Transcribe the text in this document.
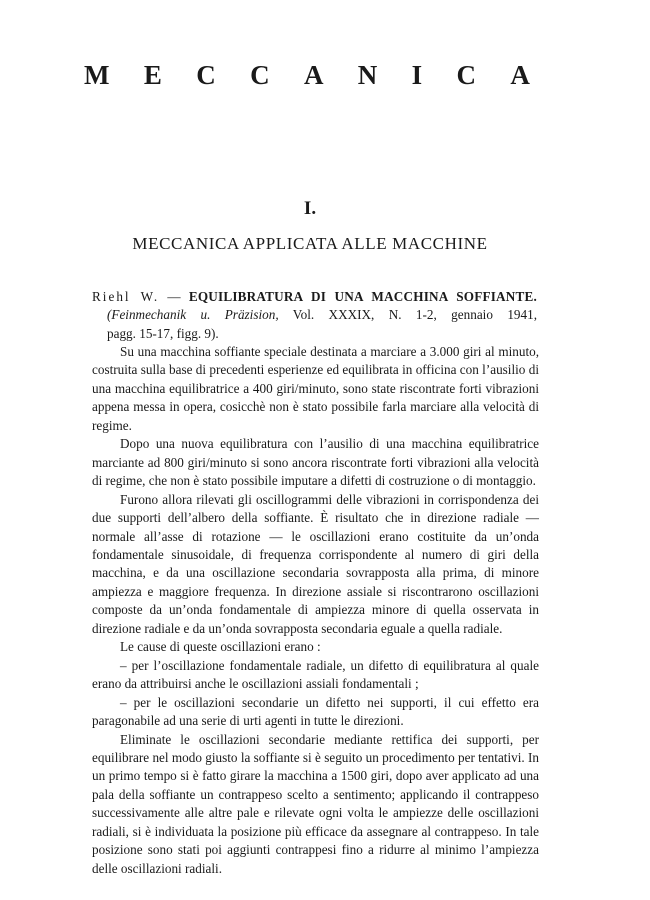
M E C C A N I C A
I.
MECCANICA APPLICATA ALLE MACCHINE
Riehl W. — EQUILIBRATURA DI UNA MACCHINA SOFFIANTE.
(Feinmechanik u. Präzision, Vol. XXXIX, N. 1-2, gennaio 1941,
pagg. 15-17, figg. 9).

Su una macchina soffiante speciale destinata a marciare a 3.000 giri al minuto, costruita sulla base di precedenti esperienze ed equilibrata in officina con l’ausilio di una macchina equilibratrice a 400 giri/minuto, sono state riscontrate forti vibrazioni appena messa in opera, cosicchè non è stato possibile farla marciare alla velocità di regime.

Dopo una nuova equilibratura con l’ausilio di una macchina equilibratrice marciante ad 800 giri/minuto si sono ancora riscontrate forti vibrazioni alla velocità di regime, che non è stato possibile imputare a difetti di costruzione o di montaggio.

Furono allora rilevati gli oscillogrammi delle vibrazioni in corrispondenza dei due supporti dell’albero della soffiante. È risultato che in direzione radiale — normale all’asse di rotazione — le oscillazioni erano costituite da un’onda fondamentale sinusoidale, di frequenza corrispondente al numero di giri della macchina, e da una oscillazione secondaria sovrapposta alla prima, di minore ampiezza e maggiore frequenza. In direzione assiale si riscontrarono oscillazioni composte da un’onda fondamentale di ampiezza minore di quella osservata in direzione radiale e da un’onda sovrapposta secondaria eguale a quella radiale.

Le cause di queste oscillazioni erano :

– per l’oscillazione fondamentale radiale, un difetto di equilibratura al quale erano da attribuirsi anche le oscillazioni assiali fondamentali ;

– per le oscillazioni secondarie un difetto nei supporti, il cui effetto era paragonabile ad una serie di urti agenti in tutte le direzioni.

Eliminate le oscillazioni secondarie mediante rettifica dei supporti, per equilibrare nel modo giusto la soffiante si è seguito un procedimento per tentativi. In un primo tempo si è fatto girare la macchina a 1500 giri, dopo aver applicato ad una pala della soffiante un contrappeso scelto a sentimento; applicando il contrappeso successivamente alle altre pale e rilevate ogni volta le ampiezze delle oscillazioni radiali, si è individuata la posizione più efficace da assegnare al contrappeso. In tale posizione sono stati poi aggiunti contrappesi fino a ridurre al minimo l’ampiezza delle oscillazioni radiali.
